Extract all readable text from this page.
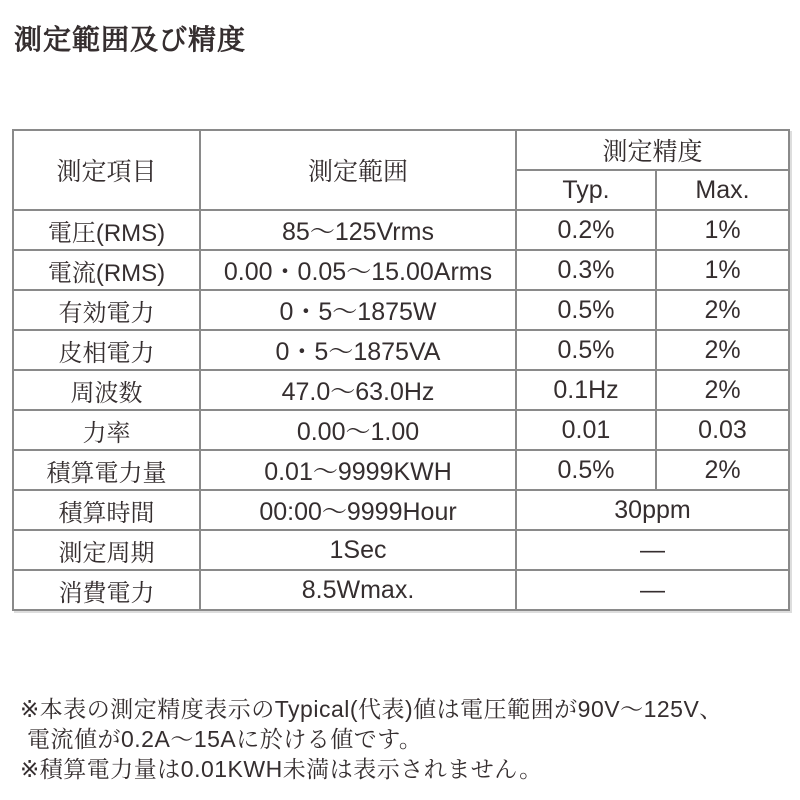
測定範囲及び精度
測定項目	測定範囲	測定精度	
		Typ.	Max.
電圧(RMS)	85～125Vrms	0.2%	1%
電流(RMS)	0.00・0.05～15.00Arms	0.3%	1%
有効電力	0・5～1875W	0.5%	2%
皮相電力	0・5～1875VA	0.5%	2%
周波数	47.0～63.0Hz	0.1Hz	2%
力率	0.00～1.00	0.01	0.03
積算電力量	0.01～9999KWH	0.5%	2%
積算時間	00:00～9999Hour	30ppm	
測定周期	1Sec	—	
消費電力	8.5Wmax.	—	
※本表の測定精度表示のTypical(代表)値は電圧範囲が90V～125V、
電流値が0.2A～15Aに於ける値です。
※積算電力量は0.01KWH未満は表示されません。
